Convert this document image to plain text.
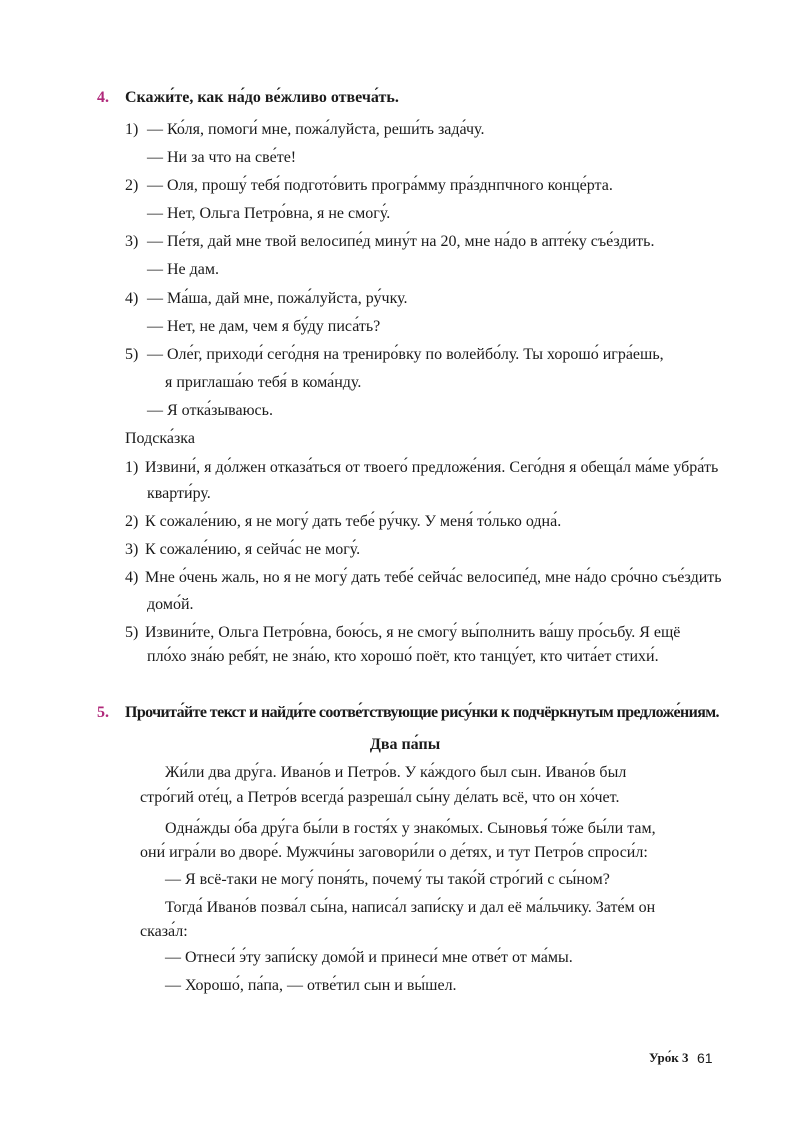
4. Скажи́те, как на́до ве́жливо отвеча́ть.
1) — Ко́ля, помоги́ мне, пожа́луйста, реши́ть зада́чу.
— Ни за что на све́те!
2) — Оля, прошу́ тебя́ подгото́вить програ́мму пра́зднпчного конце́рта.
— Нет, Ольга Петро́вна, я не смогу́.
3) — Пе́тя, дай мне твой велосипе́д мину́т на 20, мне на́до в апте́ку съе́здить.
— Не дам.
4) — Ма́ша, дай мне, пожа́луйста, ру́чку.
— Нет, не дам, чем я бу́ду писа́ть?
5) — Оле́г, приходи́ сего́дня на трениро́вку по волейбо́лу. Ты хорошо́ игра́ешь,
я приглаша́ю тебя́ в кома́нду.
— Я отка́зываюсь.
Подска́зка
1) Извини́, я до́лжен отказа́ться от твоего́ предложе́ния. Сего́дня я обеща́л ма́ме убра́ть
кварти́ру.
2) К сожале́нию, я не могу́ дать тебе́ ру́чку. У меня́ то́лько одна́.
3) К сожале́нию, я сейча́с не могу́.
4) Мне о́чень жаль, но я не могу́ дать тебе́ сейча́с велосипе́д, мне на́до сро́чно съе́здить
домо́й.
5) Извини́те, Ольга Петро́вна, бою́сь, я не смогу́ вы́полнить ва́шу про́сьбу. Я ещё
пло́хо зна́ю ребя́т, не зна́ю, кто хорошо́ поёт, кто танцу́ет, кто чита́ет стихи́.
5. Прочита́йте текст и найди́те соотве́тствующие рису́нки к подчёркнутым предложе́ниям.
Два па́пы
Жи́ли два дру́га. Ивано́в и Петро́в. У ка́ждого был сын. Ивано́в был
стро́гий оте́ц, а Петро́в всегда́ разреша́л сы́ну де́лать всё, что он хо́чет.
Одна́жды о́ба дру́га бы́ли в гостя́х у знако́мых. Сыновья́ то́же бы́ли там,
они́ игра́ли во дворе́. Мужчи́ны заговори́ли о де́тях, и тут Петро́в спроси́л:
— Я всё-таки не могу́ поня́ть, почему́ ты тако́й стро́гий с сы́ном?
Тогда́ Ивано́в позва́л сы́на, написа́л запи́ску и дал её ма́льчику. Зате́м он
сказа́л:
— Отнеси́ э́ту запи́ску домо́й и принеси́ мне отве́т от ма́мы.
— Хорошо́, па́па, — отве́тил сын и вы́шел.
Уро́к 3 61
